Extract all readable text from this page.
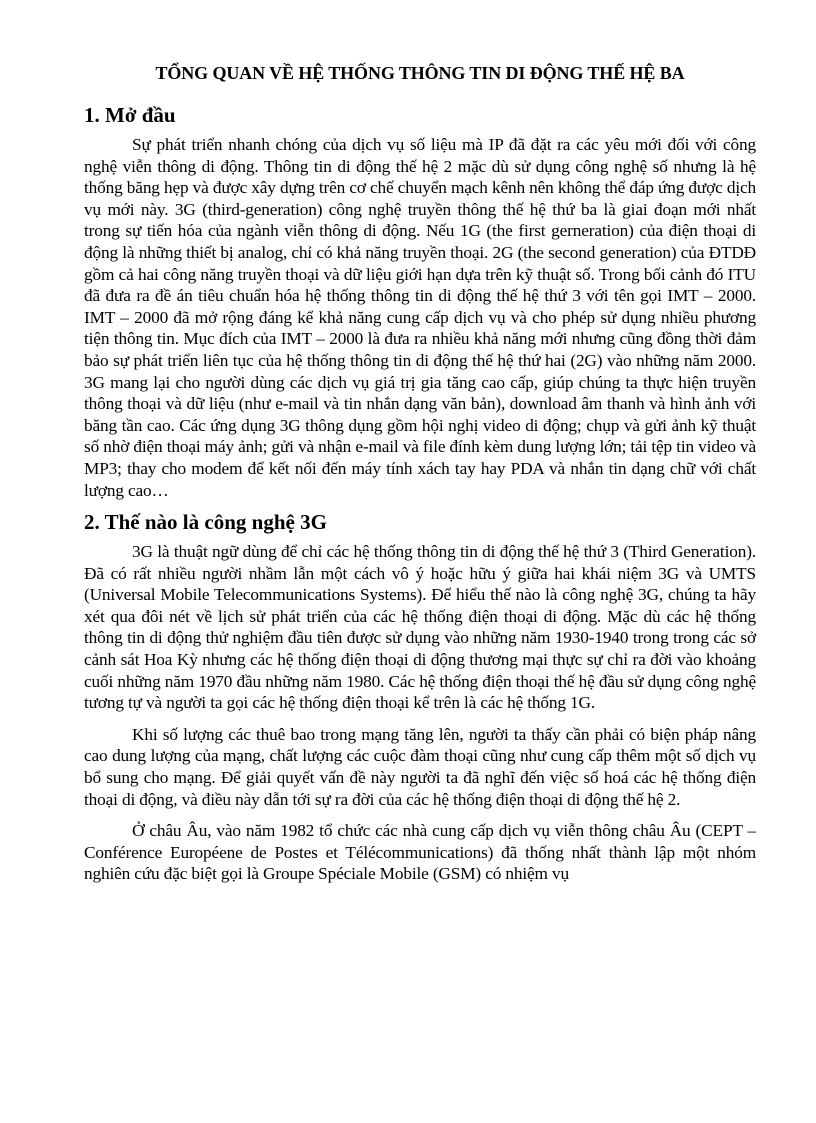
TỔNG QUAN VỀ HỆ THỐNG THÔNG TIN DI ĐỘNG THẾ HỆ BA
1. Mở đầu

Sự phát triển nhanh chóng của dịch vụ số liệu mà IP đã đặt ra các yêu mới đối với công nghệ viễn thông di động. Thông tin di động thế hệ 2 mặc dù sử dụng công nghệ số nhưng là hệ thống băng hẹp và được xây dựng trên cơ chế chuyển mạch kênh nên không thể đáp ứng được dịch vụ mới này. 3G (third-generation) công nghệ truyền thông thế hệ thứ ba là giai đoạn mới nhất trong sự tiến hóa của ngành viễn thông di động. Nếu 1G (the first gerneration) của điện thoại di động là những thiết bị analog, chỉ có khả năng truyền thoại. 2G (the second generation) của ĐTDĐ gồm cả hai công năng truyền thoại và dữ liệu giới hạn dựa trên kỹ thuật số. Trong bối cảnh đó ITU đã đưa ra đề án tiêu chuẩn hóa hệ thống thông tin di động thế hệ thứ 3 với tên gọi IMT – 2000. IMT – 2000 đã mở rộng đáng kể khả năng cung cấp dịch vụ và cho phép sử dụng nhiều phương tiện thông tin. Mục đích của IMT – 2000 là đưa ra nhiều khả năng mới nhưng cũng đồng thời đảm bảo sự phát triển liên tục của hệ thống thông tin di động thế hệ thứ hai (2G) vào những năm 2000. 3G mang lại cho người dùng các dịch vụ giá trị gia tăng cao cấp, giúp chúng ta thực hiện truyền thông thoại và dữ liệu (như e-mail và tin nhắn dạng văn bản), download âm thanh và hình ảnh với băng tần cao. Các ứng dụng 3G thông dụng gồm hội nghị video di động; chụp và gửi ảnh kỹ thuật số nhờ điện thoại máy ảnh; gửi và nhận e-mail và file đính kèm dung lượng lớn; tải tệp tin video và MP3; thay cho modem để kết nối đến máy tính xách tay hay PDA và nhắn tin dạng chữ với chất lượng cao…

2. Thế nào là công nghệ 3G

3G là thuật ngữ dùng để chỉ các hệ thống thông tin di động thế hệ thứ 3 (Third Generation). Đã có rất nhiều người nhầm lẫn một cách vô ý hoặc hữu ý giữa hai khái niệm 3G và UMTS (Universal Mobile Telecommunications Systems). Để hiểu thế nào là công nghệ 3G, chúng ta hãy xét qua đôi nét về lịch sử phát triển của các hệ thống điện thoại di động. Mặc dù các hệ thống thông tin di động thử nghiệm đầu tiên được sử dụng vào những năm 1930-1940 trong trong các sở cảnh sát Hoa Kỳ nhưng các hệ thống điện thoại di động thương mại thực sự chỉ ra đời vào khoảng cuối những năm 1970 đầu những năm 1980. Các hệ thống điện thoại thế hệ đầu sử dụng công nghệ tương tự và người ta gọi các hệ thống điện thoại kể trên là các hệ thống 1G.

Khi số lượng các thuê bao trong mạng tăng lên, người ta thấy cần phải có biện pháp nâng cao dung lượng của mạng, chất lượng các cuộc đàm thoại cũng như cung cấp thêm một số dịch vụ bổ sung cho mạng. Để giải quyết vấn đề này người ta đã nghĩ đến việc số hoá các hệ thống điện thoại di động, và điều này dẫn tới sự ra đời của các hệ thống điện thoại di động thế hệ 2.

Ở châu Âu, vào năm 1982 tổ chức các nhà cung cấp dịch vụ viễn thông châu Âu (CEPT – Conférence Européene de Postes et Télécommunications) đã thống nhất thành lập một nhóm nghiên cứu đặc biệt gọi là Groupe Spéciale Mobile (GSM) có nhiệm vụ
